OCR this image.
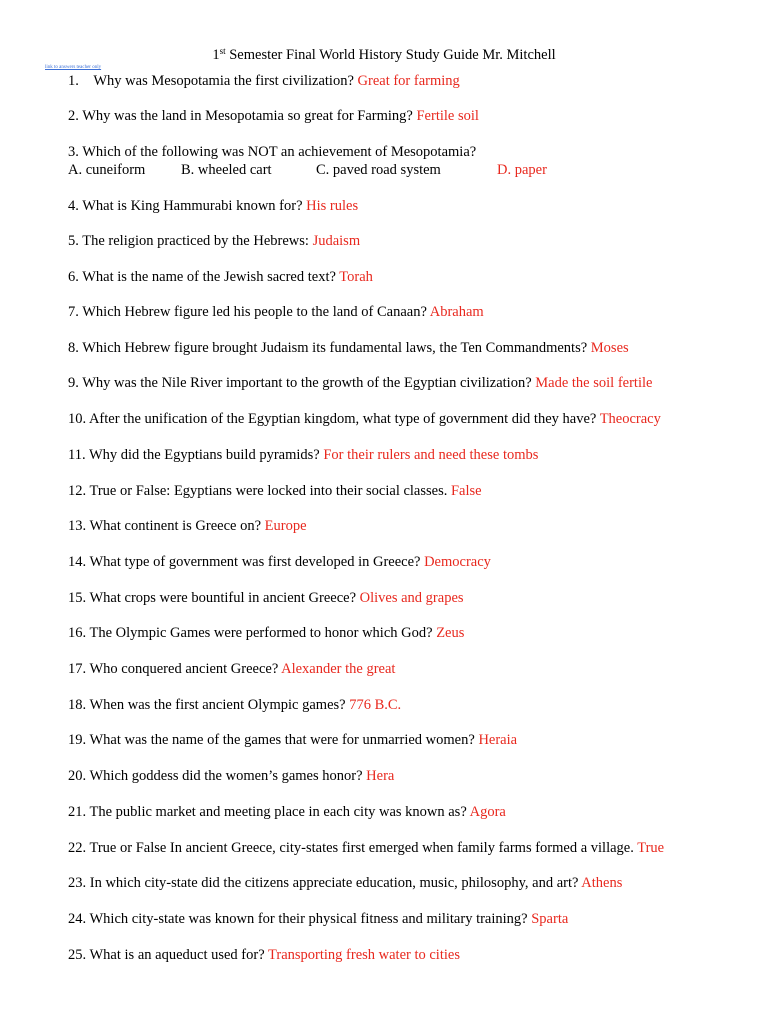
1st Semester Final World History Study Guide Mr. Mitchell
link to answers teacher only
1. Why was Mesopotamia the first civilization? Great for farming
2. Why was the land in Mesopotamia so great for Farming? Fertile soil
3. Which of the following was NOT an achievement of Mesopotamia?
A. cuneiform B. wheeled cart	C. paved road system	D. paper
4. What is King Hammurabi known for? His rules
5. The religion practiced by the Hebrews: Judaism
6. What is the name of the Jewish sacred text? Torah
7. Which Hebrew figure led his people to the land of Canaan? Abraham
8. Which Hebrew figure brought Judaism its fundamental laws, the Ten Commandments? Moses
9. Why was the Nile River important to the growth of the Egyptian civilization? Made the soil fertile
10. After the unification of the Egyptian kingdom, what type of government did they have? Theocracy
11. Why did the Egyptians build pyramids? For their rulers and need these tombs
12. True or False: Egyptians were locked into their social classes. False
13. What continent is Greece on? Europe
14. What type of government was first developed in Greece? Democracy
15. What crops were bountiful in ancient Greece? Olives and grapes
16. The Olympic Games were performed to honor which God? Zeus
17. Who conquered ancient Greece? Alexander the great
18. When was the first ancient Olympic games? 776 B.C.
19. What was the name of the games that were for unmarried women? Heraia
20. Which goddess did the women’s games honor? Hera
21. The public market and meeting place in each city was known as? Agora
22. True or False In ancient Greece, city-states first emerged when family farms formed a village. True
23. In which city-state did the citizens appreciate education, music, philosophy, and art? Athens
24. Which city-state was known for their physical fitness and military training? Sparta
25. What is an aqueduct used for? Transporting fresh water to cities
